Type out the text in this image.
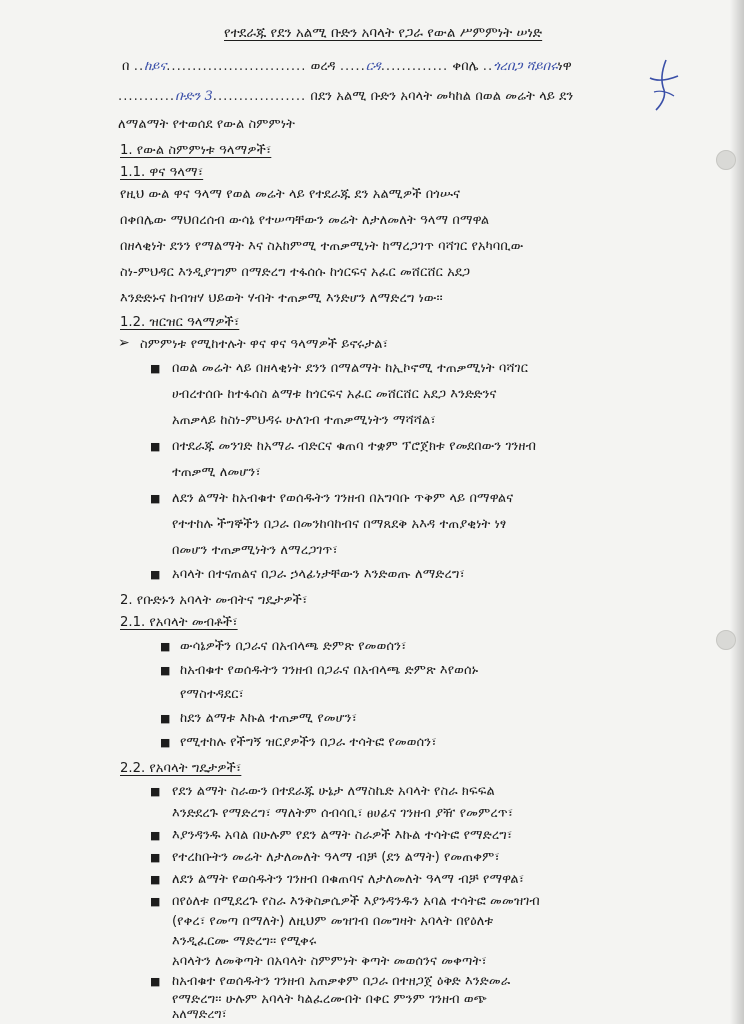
የተደራጁ የደን አልሚ ቡድን አባላት የጋራ የውል ሥምምነት ሠነድ
በ ..ከይና........................... ወረዳ .....ርዳ............. ቀበሌ ..ጎረበጋ ሻይበሩነዋ
...........ቡድን 3.................. በደን አልሚ ቡድን አባላት መካከል በወል መሬት ላይ ደን
ለማልማት የተወሰደ የውል ስምምነት
1. የውል ስምምነቱ ዓላማዎች፣
1.1. ዋና ዓላማ፣
የዚህ ውል ዋና ዓላማ የወል መሬት ላይ የተደራጁ ደን አልሚዎች በጎሡና
በቀበሌው ማህበረሰብ ውሳኔ የተሠጣቸውን መሬት ለታለመለት ዓላማ በማዋል
በዘላቂነት ደንን የማልማት እና ስአከምሚ ተጠቃሚነት ከማረጋገጥ ባሻገር የአካባቢው
ስነ-ምህዳር እንዲያገግም በማድረግ ተፋሰሱ ከጎርፍና አፈር መሸርሸር አደጋ
እንድድኑና ከብዝሃ ህይወት ሃብት ተጠቃሚ እንድሆን ለማድረግ ነው፡፡
1.2. ዝርዝር ዓላማዎች፣
➢ ስምምነቱ የሚከተሉት ዋና ዋና ዓላማዎች ይኖሩታል፣
■ በወል መሬት ላይ በዘላቂነት ደንን በማልማት ከኢኮኖሚ ተጠቃሚነት ባሻገር
ሀብረተሰቡ ከተፋሰስ ልማቱ ከጎርፍና አፈር መሸርሸር አደጋ እንድድንና
አጠቃላይ ከስነ-ምህዳሩ ሁለገብ ተጠቃሚነትን ማሻሻል፣
■ በተደራጁ መንገድ ከአማራ ብድርና ቁጠባ ተቋም ፕሮጀክቱ የመደበውን ገንዘብ
ተጠቃሚ ለመሆን፣
■ ለደን ልማት ከአብቁተ የወሰዱትን ገንዘብ በአግባቡ ጥቅም ላይ በማዋልና
የተተከሉ ችግኞችን በጋራ በመንከባከብና በማጸደቅ አእዳ ተጠያቂነት ነፃ
በመሆን ተጠቃሚነትን ለማረጋገጥ፣
■ አባላት በተናጠልና በጋራ ኃላፊነታቸውን እንድወጡ ለማድረግ፣
2. የቡድኑን አባላት መብትና ግዴታዎች፣
2.1. የአባላት መብቶች፣
■ ውሳኔዎችን በጋራና በአብላጫ ድምጽ የመወሰን፣
■ ከአብቁተ የወሰዱትን ገንዘብ በጋራና በአብላጫ ድምጽ እየወሰኑ
የማስተዳደር፣
■ ከደን ልማቱ እኩል ተጠቃሚ የመሆን፣
■ የሚተከሉ የችግኝ ዝርያዎችን በጋራ ተሳትፎ የመወሰን፣
2.2. የአባላት ግዴታዎች፣
■ የደን ልማት ስራውን በተደራጁ ሁኔታ ለማስኬድ አባላት የስራ ክፍፍል
እንድደረጉ የማድረግ፣ ማለትም ሰብሳቢ፣ ፀሀፊና ገንዘብ ያዥ የመምረጥ፣
■ እያንዳንዱ አባል በሁሉም የደን ልማት ስራዎች እኩል ተሳትፎ የማድረግ፣
■ የተረከቡትን መሬት ለታለመለት ዓላማ ብቻ (ደን ልማት) የመጠቀም፣
■ ለደን ልማት የወሰዱትን ገንዘብ በቁጠባና ለታለመለት ዓላማ ብቻ የማዋል፣
■ በየዕለቱ በሚደረጉ የስራ እንቅስቃሴዎች እያንዳንዱን አባል ተሳትፎ መመዝገብ
(የቀረ፣ የመጣ በማለት) ለዚህም መዝገብ በመግዛት አባላት በየዕለቱ
እንዲፈርሙ ማድረግ፡፡ የሚቀሩ
አባላትን ለመቅጣት በአባላት ስምምነት ቅጣት መወሰንና መቀጣት፣
■ ከአብቁተ የወሰዱትን ገንዘብ አጠቃቀም በጋራ በተዘጋጀ ዕቅድ እንድመራ
የማድረግ፡፡ ሁሉም አባላት ካልፈረሙበት በቀር ምንም ገንዘብ ወጭ
አለማድረግ፣
